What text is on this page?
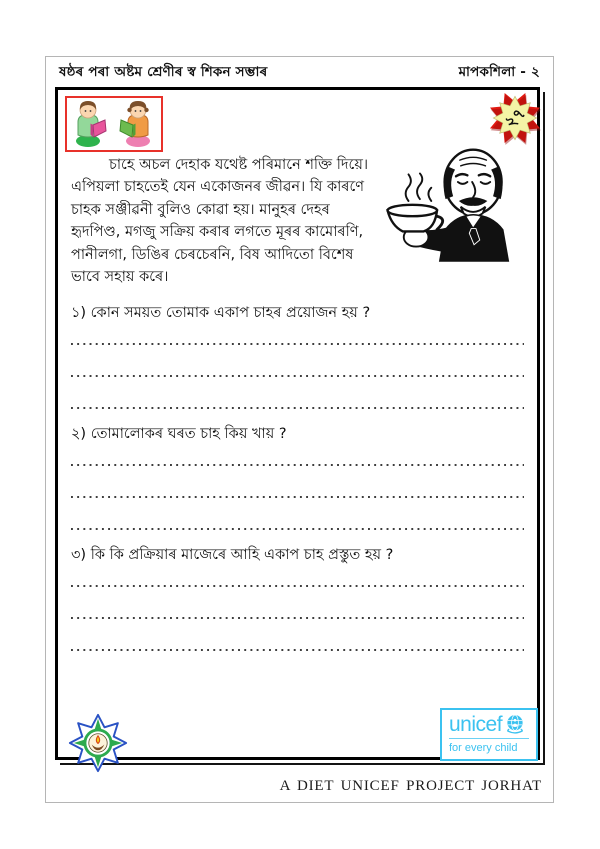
ষষ্ঠৰ পৰা অষ্টম শ্ৰেণীৰ স্ব শিকন সম্ভাৰ	মাপকশিলা - ২
২৭

চাহে অচল দেহাক যথেষ্ট পৰিমানে শক্তি দিয়ে। এপিয়লা চাহতেই যেন একোজনৰ জীৱন। যি কাৰণে চাহক সঞ্জীৱনী বুলিও কোৱা হয়। মানুহৰ দেহৰ হৃদপিণ্ড, মগজু সক্ৰিয় কৰাৰ লগতে মূৰৰ কামোৰণি, পানীলগা, ডিঙিৰ চেৰচেৰনি, বিষ আদিতো বিশেষ ভাবে সহায় কৰে।

১) কোন সময়ত তোমাক একাপ চাহৰ প্ৰয়োজন হয় ?
২) তোমালোকৰ ঘৰত চাহ কিয় খায় ?
৩) কি কি প্ৰক্ৰিয়াৰ মাজেৰে আহি একাপ চাহ প্ৰস্তুত হয় ?
unicef
for every child
A DIET UNICEF PROJECT JORHAT
